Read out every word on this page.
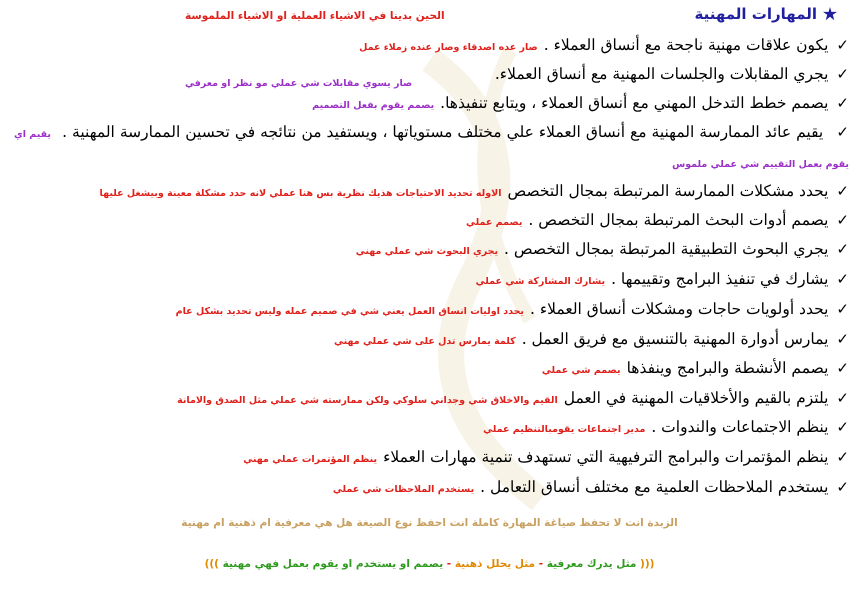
المهارات المهنية
الحين بدينا في الاشياء العملية او الاشياء الملموسة
✓
يكون علاقات مهنية ناجحة مع أنساق العملاء .
صار عده اصدقاء وصار عنده زملاء عمل
✓
يجري المقابلات والجلسات المهنية مع أنساق العملاء.
صار يسوي مقابلات شي عملي مو نظر او معرفي
✓
يصمم خطط التدخل المهني مع أنساق العملاء ، ويتابع تنفيذها.
يصمم يقوم بفعل التصميم
✓ يقيم عائد الممارسة المهنية مع أنساق العملاء علي مختلف مستوياتها ، ويستفيد من نتائجه في تحسين الممارسة المهنية . يقيم اي يقوم بعمل التقييم شي عملي ملموس
✓
يحدد مشكلات الممارسة المرتبطة بمجال التخصص
الاوله تحديد الاحتياجات هذيك نظرية بس هنا عملي لانه حدد مشكلة معينة وبيشغل عليها
✓
يصمم أدوات البحث المرتبطة بمجال التخصص .
يصمم عملي
✓
يجري البحوث التطبيقية المرتبطة بمجال التخصص .
يجري البحوث شي عملي مهني
✓
يشارك في تنفيذ البرامج وتقييمها .
يشارك المشاركة شي عملي
✓
يحدد أولويات حاجات ومشكلات أنساق العملاء .
يحدد اوليات انساق العمل يعني شي في صميم عمله وليس تحديد بشكل عام
✓
يمارس أدوارة المهنية بالتنسيق مع فريق العمل .
كلمة يمارس تدل على شي عملي مهني
✓
يصمم الأنشطة والبرامج وينفذها
يصمم شي عملي
✓
يلتزم بالقيم والأخلاقيات المهنية في العمل
القيم والاخلاق شي وجداني سلوكي ولكن ممارسته شي عملي مثل الصدق والامانة
✓
ينظم الاجتماعات والندوات .
مدير اجتماعات يقومبالتنظيم عملي
✓
ينظم المؤتمرات والبرامج الترفيهية التي تستهدف تنمية مهارات العملاء
ينظم المؤتمرات عملي مهني
✓
يستخدم الملاحظات العلمية مع مختلف أنساق التعامل .
يستخدم الملاحظات شي عملي
الزبدة انت لا تحفظ صياغة المهارة كاملة انت احفظ نوع الصيغة هل هي معرفية ام ذهنية ام مهنية
((( مثل يدرك معرفية - مثل يحلل ذهنية - يصمم او يستخدم او يقوم بعمل فهي مهنية )))
